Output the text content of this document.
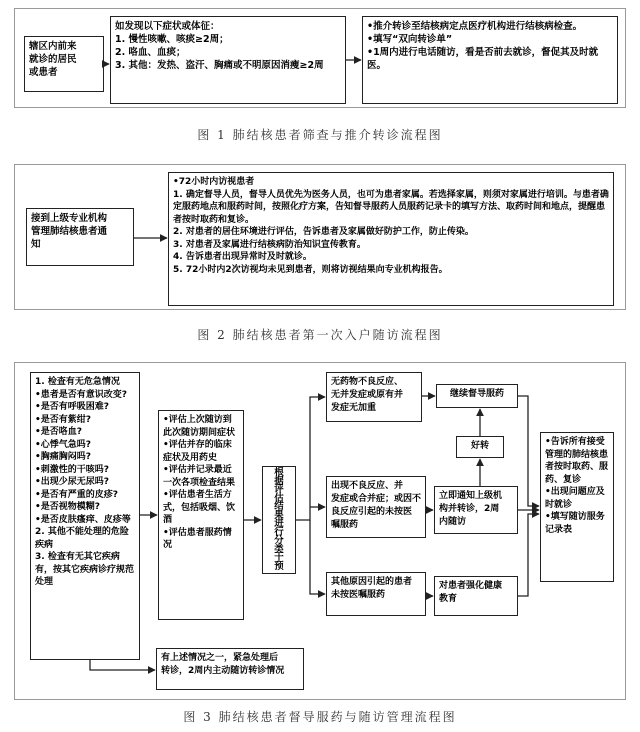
辖区内前来
就诊的居民
或患者
如发现以下症状或体征：
1. 慢性咳嗽、咳痰≥2周；
2. 咯血、血痰；
3. 其他：发热、盗汗、胸痛或不明原因消瘦≥2周
•推介转诊至结核病定点医疗机构进行结核病检查。
•填写“双向转诊单”
•1周内进行电话随访，看是否前去就诊，督促其及时就医。
图 1 肺结核患者筛查与推介转诊流程图
接到上级专业机构
管理肺结核患者通
知
•72小时内访视患者
1. 确定督导人员，督导人员优先为医务人员，也可为患者家属。若选择家属，则须对家属进行培训。与患者确定服药地点和服药时间，按照化疗方案，告知督导服药人员服药记录卡的填写方法、取药时间和地点，提醒患者按时取药和复诊。
2. 对患者的居住环境进行评估，告诉患者及家属做好防护工作，防止传染。
3. 对患者及家属进行结核病防治知识宣传教育。
4. 告诉患者出现异常时及时就诊。
5. 72小时内2次访视均未见到患者，则将访视结果向专业机构报告。
图 2 肺结核患者第一次入户随访流程图
1. 检查有无危急情况
•患者是否有意识改变?
•是否有呼吸困难?
•是否有紫绀?
•是否咯血?
•心悸气急吗?
•胸痛胸闷吗?
•刺激性的干咳吗?
•出现少尿无尿吗?
•是否有严重的皮疹?
•是否视物模糊?
•是否皮肤瘙痒、皮疹等
2. 其他不能处理的危险疾病
3. 检查有无其它疾病有，按其它疾病诊疗规范处理
•评估上次随访到此次随访期间症状
•评估并存的临床症状及用药史
•评估并记录最近一次各项检查结果
•评估患者生活方式，包括吸烟、饮酒
•评估患者服药情况
根
据
评
估
结
果
进
行
分
类
干
预
无药物不良反应、
无并发症或原有并
发症无加重
继续督导服药
好转
出现不良反应、并
发症或合并症；或因不
良反应引起的未按医
嘱服药
立即通知上级机
构并转诊，2周
内随访
其他原因引起的患者
未按医嘱服药
对患者强化健康
教育
•告诉所有接受管理的肺结核患者按时取药、服药、复诊
•出现问题应及时就诊
•填写随访服务记录表
有上述情况之一，紧急处理后
转诊，2周内主动随访转诊情况
图 3 肺结核患者督导服药与随访管理流程图
